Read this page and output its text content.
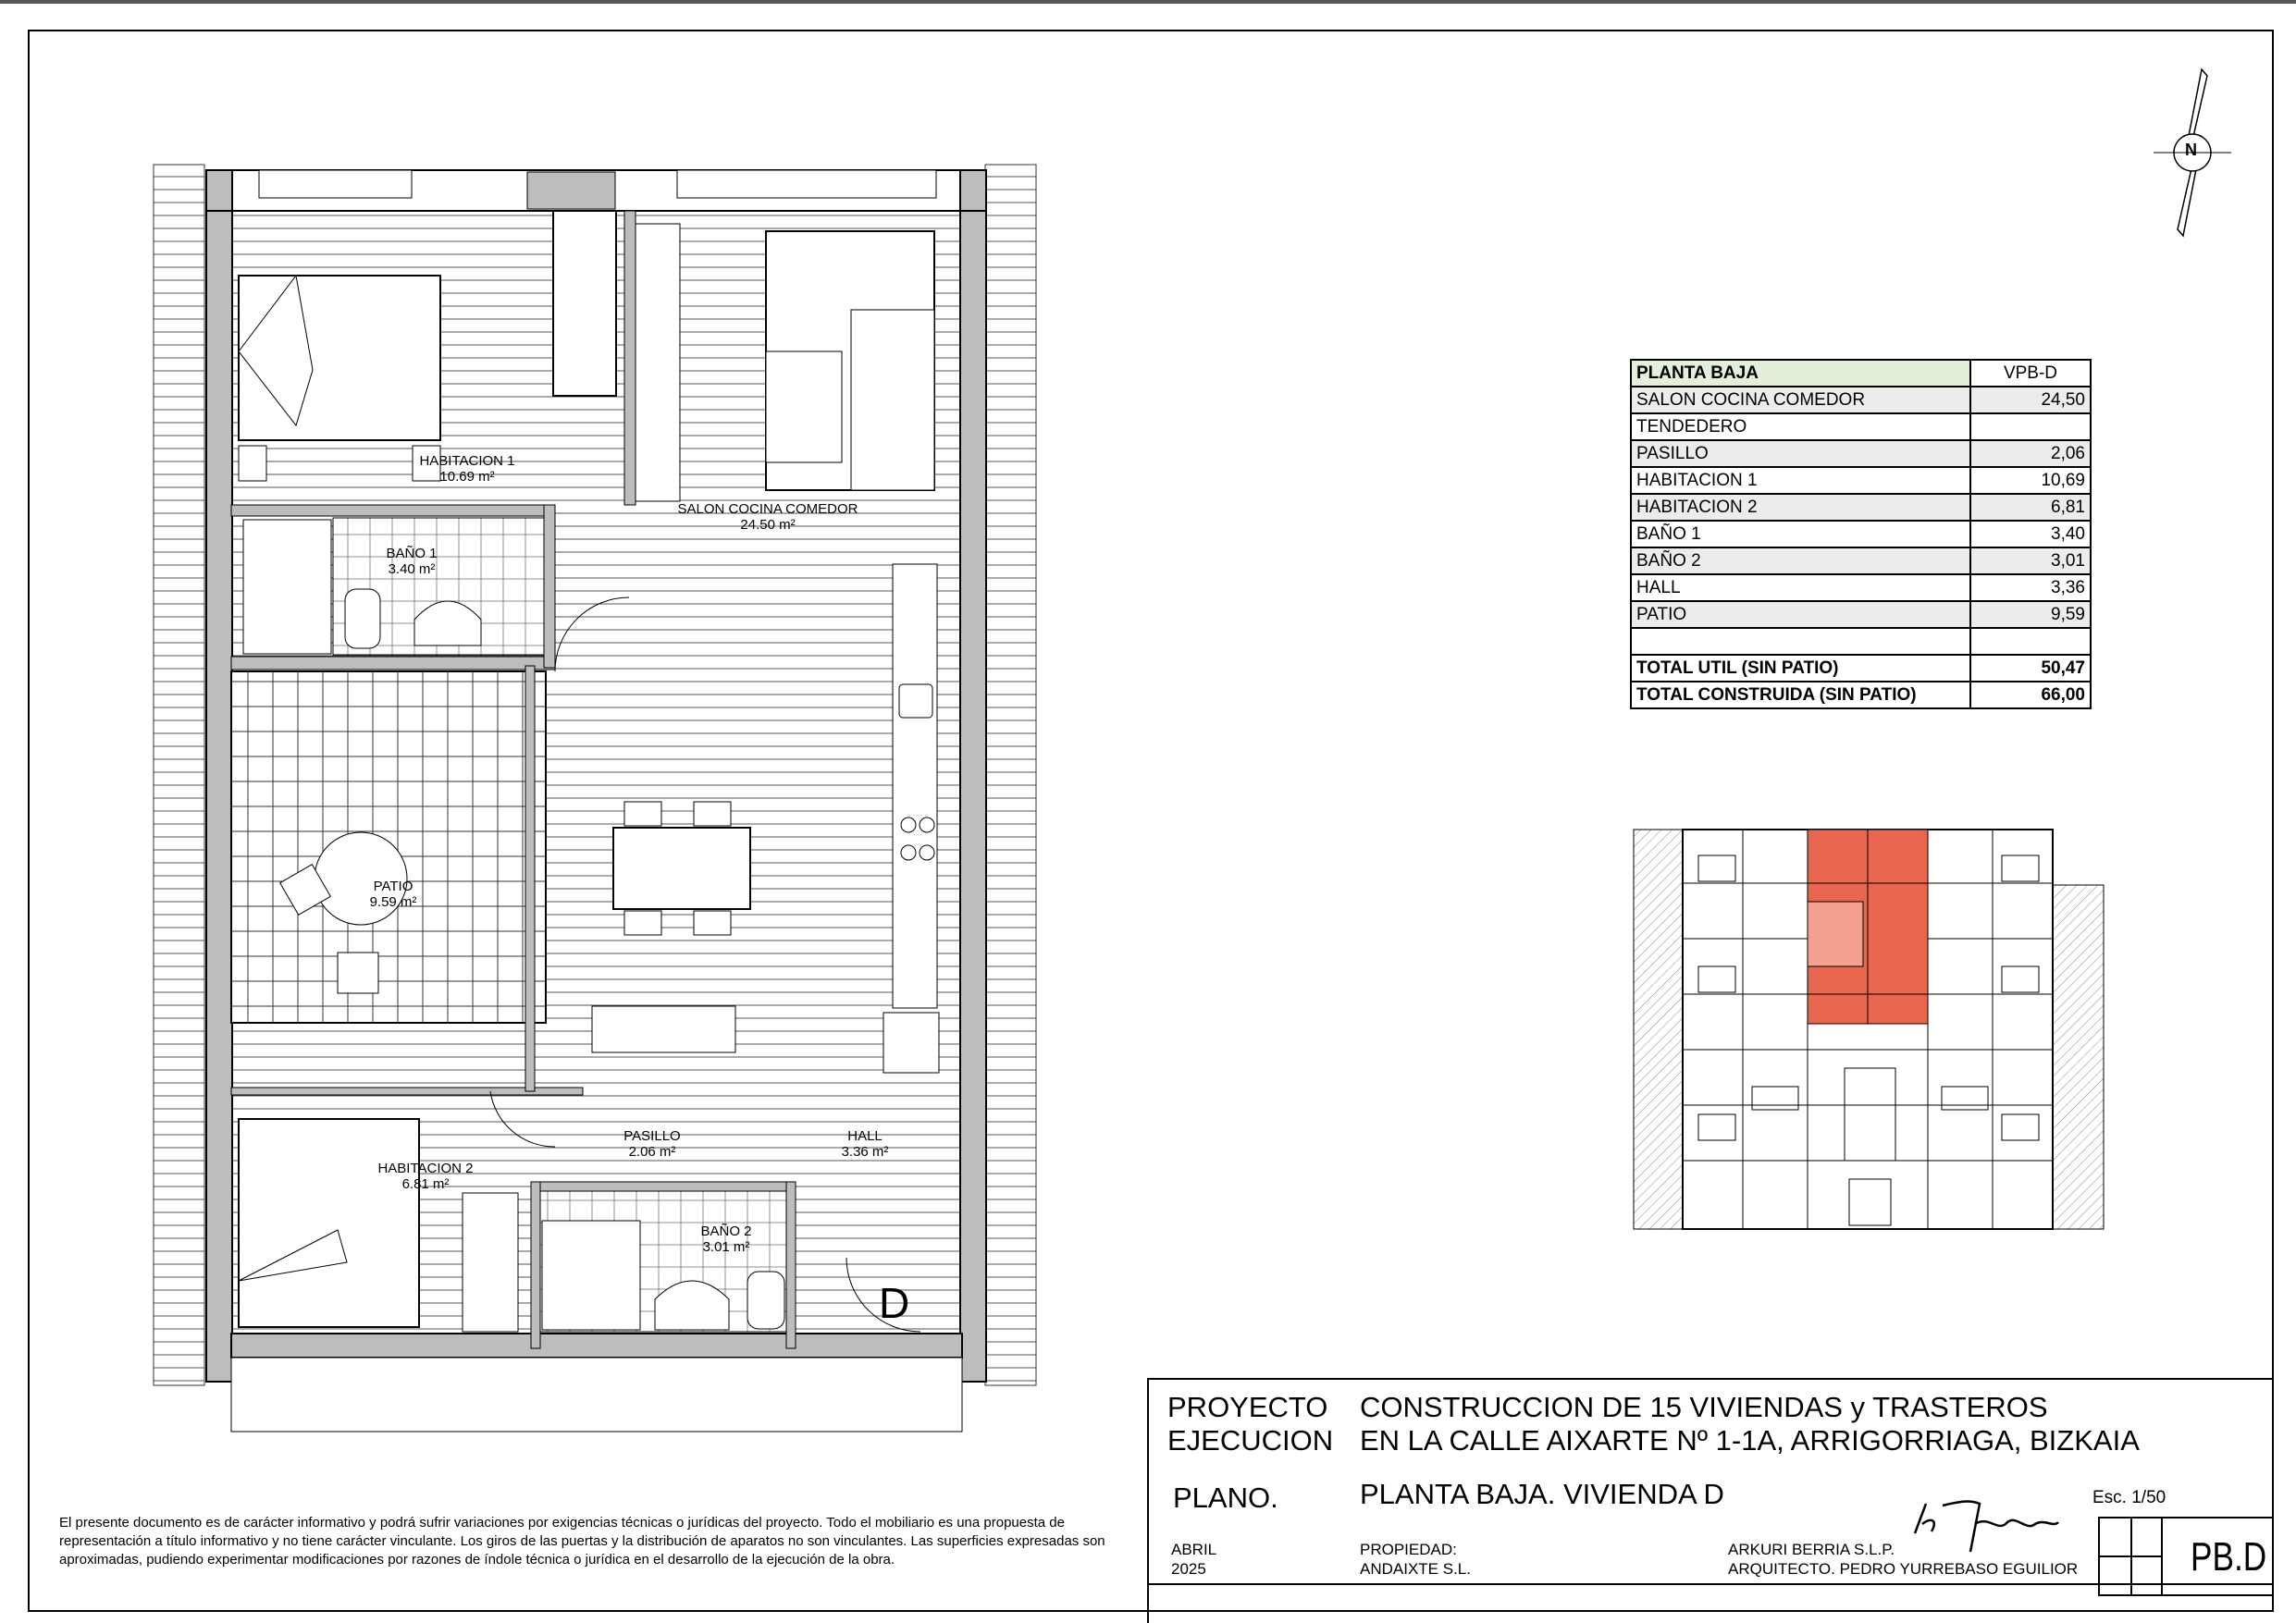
HABITACION 1
10.69 m²
SALON COCINA COMEDOR
24.50 m²
BAÑO 1
3.40 m²
PATIO
9.59 m²
PASILLO
2.06 m²
HALL
3.36 m²
HABITACION 2
6.81 m²
BAÑO 2
3.01 m²
D
N
PLANTA BAJA	VPB-D
SALON COCINA COMEDOR	24,50
TENDEDERO	
PASILLO	2,06
HABITACION 1	10,69
HABITACION 2	6,81
BAÑO 1	3,40
BAÑO 2	3,01
HALL	3,36
PATIO	9,59

TOTAL UTIL (SIN PATIO)	50,47
TOTAL CONSTRUIDA (SIN PATIO)	66,00
El presente documento es de carácter informativo y podrá sufrir variaciones por exigencias técnicas o jurídicas del proyecto. Todo el mobiliario es una propuesta de representación a título informativo y no tiene carácter vinculante. Los giros de las puertas y la distribución de aparatos no son vinculantes. Las superficies expresadas son aproximadas, pudiendo experimentar modificaciones por razones de índole técnica o jurídica en el desarrollo de la ejecución de la obra.
PROYECTO
EJECUCION
CONSTRUCCION DE 15 VIVIENDAS y TRASTEROS
EN LA CALLE AIXARTE Nº 1-1A, ARRIGORRIAGA, BIZKAIA
PLANO.	PLANTA BAJA. VIVIENDA D	Esc. 1/50
ABRIL
2025
PROPIEDAD:
ANDAIXTE S.L.
ARKURI BERRIA S.L.P.
ARQUITECTO. PEDRO YURREBASO EGUILIOR	PB.D
